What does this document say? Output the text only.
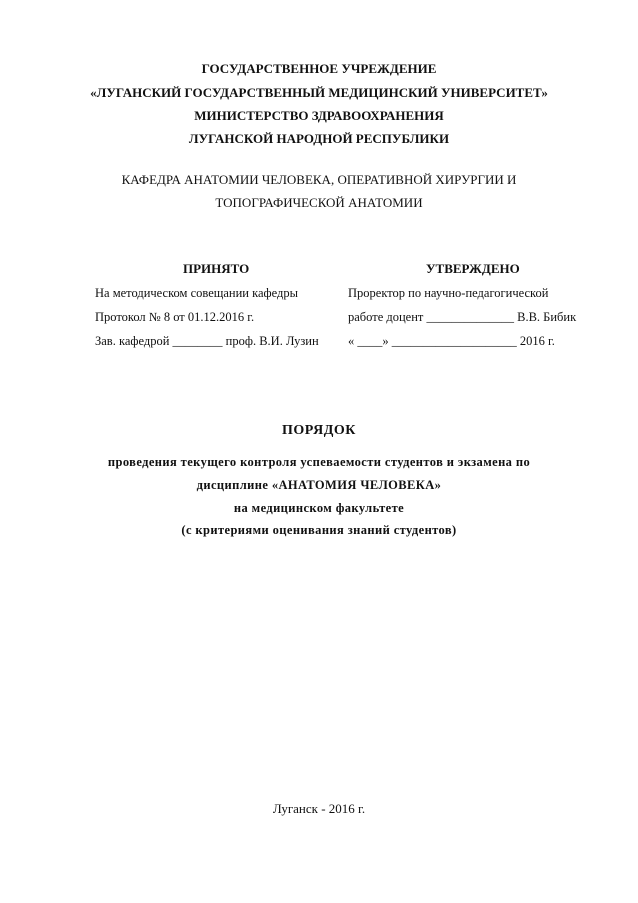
ГОСУДАРСТВЕННОЕ УЧРЕЖДЕНИЕ
«ЛУГАНСКИЙ ГОСУДАРСТВЕННЫЙ МЕДИЦИНСКИЙ УНИВЕРСИТЕТ»
МИНИСТЕРСТВО ЗДРАВООХРАНЕНИЯ
ЛУГАНСКОЙ НАРОДНОЙ РЕСПУБЛИКИ
КАФЕДРА АНАТОМИИ ЧЕЛОВЕКА, ОПЕРАТИВНОЙ ХИРУРГИИ И
ТОПОГРАФИЧЕСКОЙ АНАТОМИИ
ПРИНЯТО
На методическом совещании кафедры
Протокол № 8 от 01.12.2016 г.
Зав. кафедрой ________ проф. В.И. Лузин
УТВЕРЖДЕНО
Проректор по научно-педагогической
работе доцент ______________ В.В. Бибик
« ____» ____________________ 2016 г.
ПОРЯДОК
проведения текущего контроля успеваемости студентов и экзамена по
дисциплине «АНАТОМИЯ ЧЕЛОВЕКА»
на медицинском факультете
(с критериями оценивания знаний студентов)
Луганск - 2016 г.
